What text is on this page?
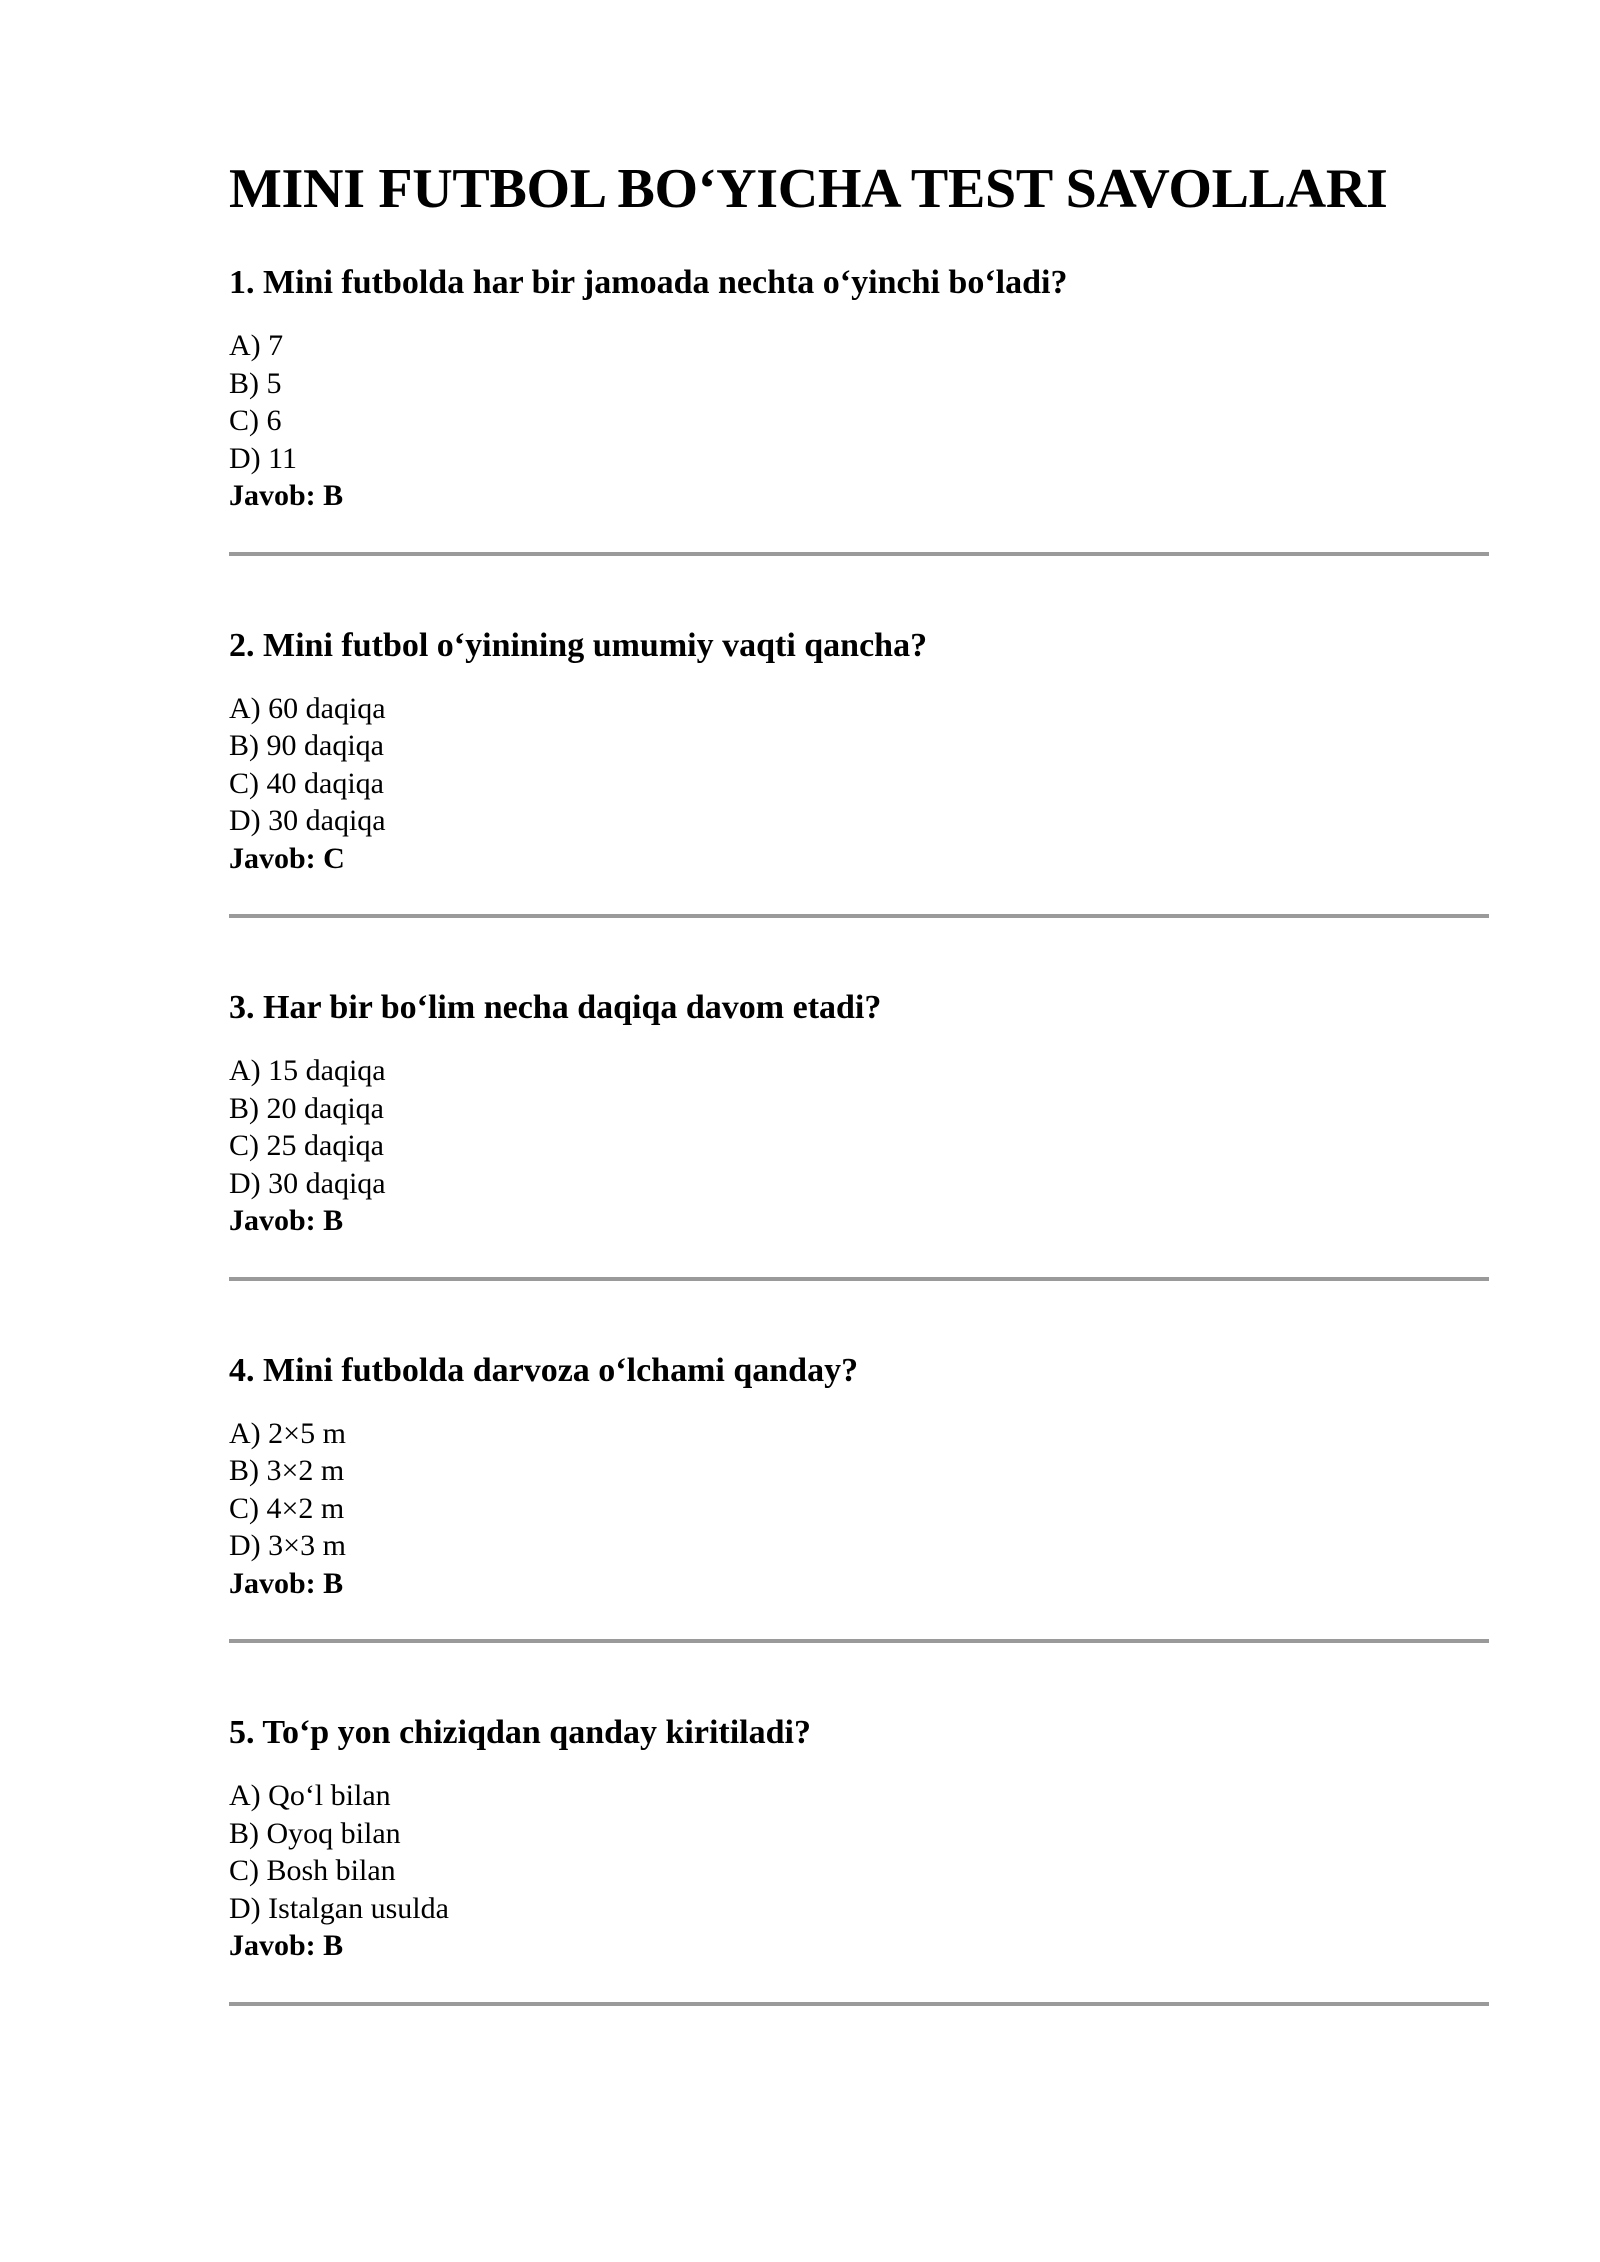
MINI FUTBOL BO‘YICHA TEST SAVOLLARI
1. Mini futbolda har bir jamoada nechta o‘yinchi bo‘ladi?
A) 7
B) 5
C) 6
D) 11
Javob: B
2. Mini futbol o‘yinining umumiy vaqti qancha?
A) 60 daqiqa
B) 90 daqiqa
C) 40 daqiqa
D) 30 daqiqa
Javob: C
3. Har bir bo‘lim necha daqiqa davom etadi?
A) 15 daqiqa
B) 20 daqiqa
C) 25 daqiqa
D) 30 daqiqa
Javob: B
4. Mini futbolda darvoza o‘lchami qanday?
A) 2×5 m
B) 3×2 m
C) 4×2 m
D) 3×3 m
Javob: B
5. To‘p yon chiziqdan qanday kiritiladi?
A) Qo‘l bilan
B) Oyoq bilan
C) Bosh bilan
D) Istalgan usulda
Javob: B
